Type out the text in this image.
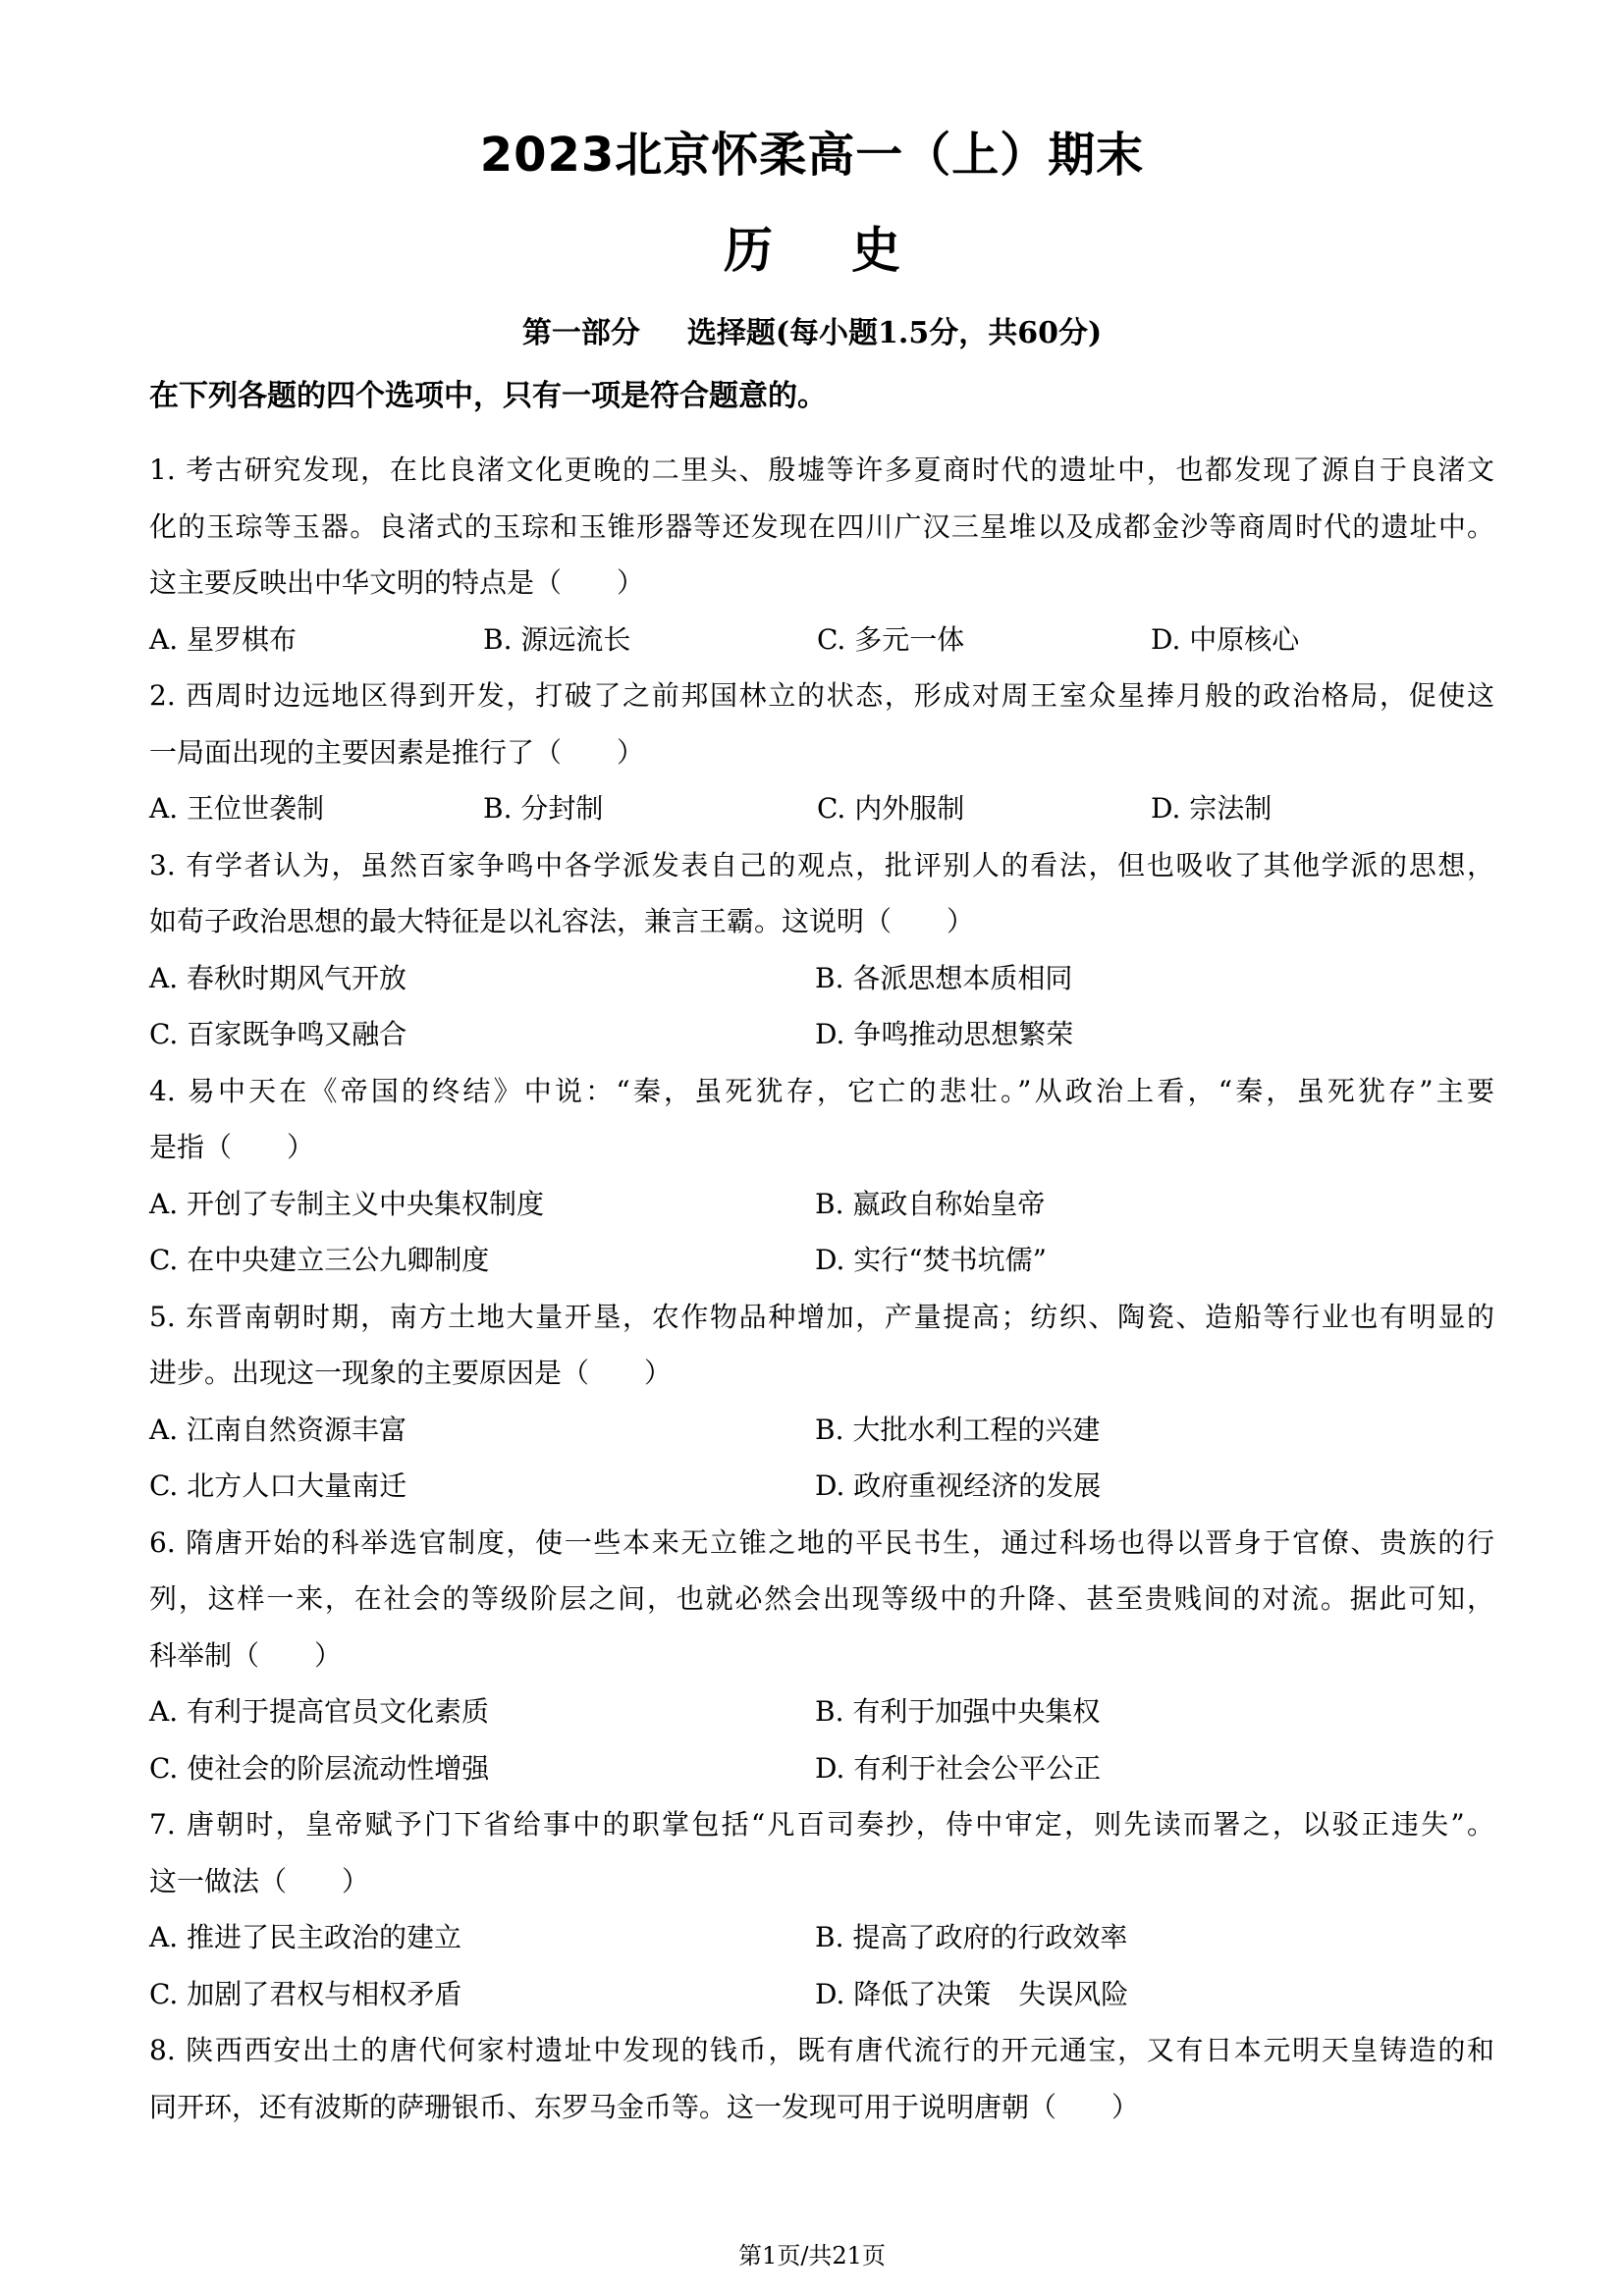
2023北京怀柔高一（上）期末
历史
第一部分 选择题(每小题1.5分，共60分)
在下列各题的四个选项中，只有一项是符合题意的。
1. 考古研究发现，在比良渚文化更晚的二里头、殷墟等许多夏商时代的遗址中，也都发现了源自于良渚文
化的玉琮等玉器。良渚式的玉琮和玉锥形器等还发现在四川广汉三星堆以及成都金沙等商周时代的遗址中。
这主要反映出中华文明的特点是（　　）
A. 星罗棋布	B. 源远流长	C. 多元一体	D. 中原核心
2. 西周时边远地区得到开发，打破了之前邦国林立的状态，形成对周王室众星捧月般的政治格局，促使这
一局面出现的主要因素是推行了（　　）
A. 王位世袭制	B. 分封制	C. 内外服制	D. 宗法制
3. 有学者认为，虽然百家争鸣中各学派发表自己的观点，批评别人的看法，但也吸收了其他学派的思想，
如荀子政治思想的最大特征是以礼容法，兼言王霸。这说明（　　）
A. 春秋时期风气开放	B. 各派思想本质相同
C. 百家既争鸣又融合	D. 争鸣推动思想繁荣
4. 易中天在《帝国的终结》中说：“秦，虽死犹存，它亡的悲壮。”从政治上看，“秦，虽死犹存”主要
是指（　　）
A. 开创了专制主义中央集权制度	B. 嬴政自称始皇帝
C. 在中央建立三公九卿制度	D. 实行“焚书坑儒”
5. 东晋南朝时期，南方土地大量开垦，农作物品种增加，产量提高；纺织、陶瓷、造船等行业也有明显的
进步。出现这一现象的主要原因是（　　）
A. 江南自然资源丰富	B. 大批水利工程的兴建
C. 北方人口大量南迁	D. 政府重视经济的发展
6. 隋唐开始的科举选官制度，使一些本来无立锥之地的平民书生，通过科场也得以晋身于官僚、贵族的行
列，这样一来，在社会的等级阶层之间，也就必然会出现等级中的升降、甚至贵贱间的对流。据此可知，
科举制（　　）
A. 有利于提高官员文化素质	B. 有利于加强中央集权
C. 使社会的阶层流动性增强	D. 有利于社会公平公正
7. 唐朝时，皇帝赋予门下省给事中的职掌包括“凡百司奏抄，侍中审定，则先读而署之，以驳正违失”。
这一做法（　　）
A. 推进了民主政治的建立	B. 提高了政府的行政效率
C. 加剧了君权与相权矛盾	D. 降低了决策　失误风险
8. 陕西西安出土的唐代何家村遗址中发现的钱币，既有唐代流行的开元通宝，又有日本元明天皇铸造的和
同开环，还有波斯的萨珊银币、东罗马金币等。这一发现可用于说明唐朝（　　）
第1页/共21页
